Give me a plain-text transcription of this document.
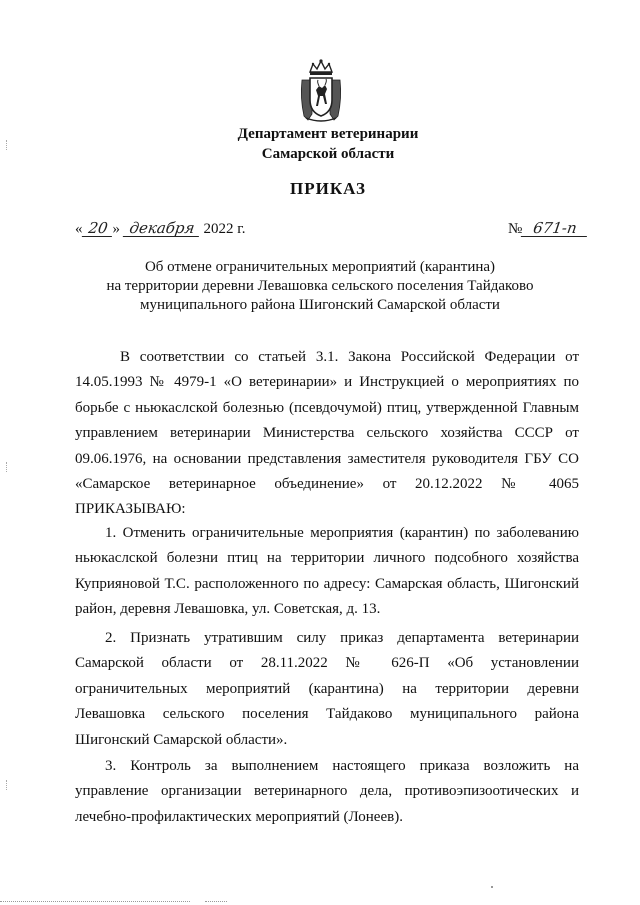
Департамент ветеринарии
Самарской области
ПРИКАЗ
« 20 » декабря 2022 г.	№ 671-п
Об отмене ограничительных мероприятий (карантина)
на территории деревни Левашовка сельского поселения Тайдаково
муниципального района Шигонский Самарской области
В соответствии со статьей 3.1. Закона Российской Федерации от 14.05.1993 № 4979-1 «О ветеринарии» и Инструкцией о мероприятиях по борьбе с ньюкаслской болезнью (псевдочумой) птиц, утвержденной Главным управлением ветеринарии Министерства сельского хозяйства СССР от 09.06.1976, на основании представления заместителя руководителя ГБУ СО «Самарское ветеринарное объединение» от 20.12.2022 № 4065 ПРИКАЗЫВАЮ:
1. Отменить ограничительные мероприятия (карантин) по заболеванию ньюкаслской болезни птиц на территории личного подсобного хозяйства Куприяновой Т.С. расположенного по адресу: Самарская область, Шигонский район, деревня Левашовка, ул. Советская, д. 13.
2. Признать утратившим силу приказ департамента ветеринарии Самарской области от 28.11.2022 № 626-П «Об установлении ограничительных мероприятий (карантина) на территории деревни Левашовка сельского поселения Тайдаково муниципального района Шигонский Самарской области».
3. Контроль за выполнением настоящего приказа возложить на управление организации ветеринарного дела, противоэпизоотических и лечебно-профилактических мероприятий (Лонеев).
